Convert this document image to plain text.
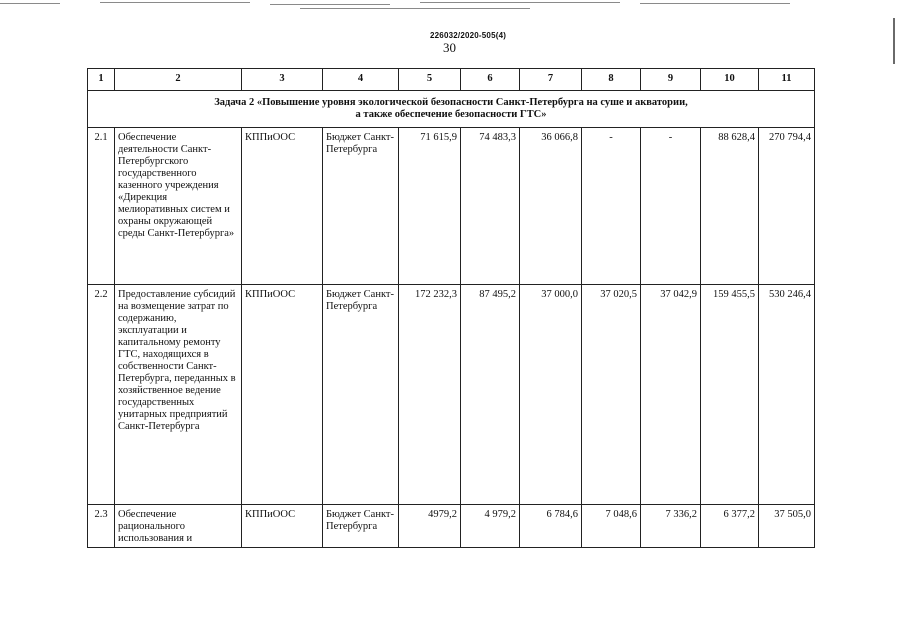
226032/2020-505(4)
30
1	2	3	4	5	6	7	8	9	10	11

Задача 2 «Повышение уровня экологической безопасности Санкт-Петербурга на суше и акватории,
а также обеспечение безопасности ГТС»										

2.1	Обеспечение деятельности Санкт-Петербургского государственного казенного учреждения «Дирекция мелиоративных систем и охраны окружающей среды Санкт-Петербурга»	КППиООС	Бюджет Санкт-Петербурга	71 615,9	74 483,3	36 066,8	-	-	88 628,4	270 794,4
2.2	Предоставление субсидий на возмещение затрат по содержанию, эксплуатации и капитальному ремонту ГТС, находящихся в собственности Санкт-Петербурга, переданных в хозяйственное ведение государственных унитарных предприятий Санкт-Петербурга	КППиООС	Бюджет Санкт-Петербурга	172 232,3	87 495,2	37 000,0	37 020,5	37 042,9	159 455,5	530 246,4
2.3	Обеспечение рационального использования и	КППиООС	Бюджет Санкт-Петербурга	4979,2	4 979,2	6 784,6	7 048,6	7 336,2	6 377,2	37 505,0
